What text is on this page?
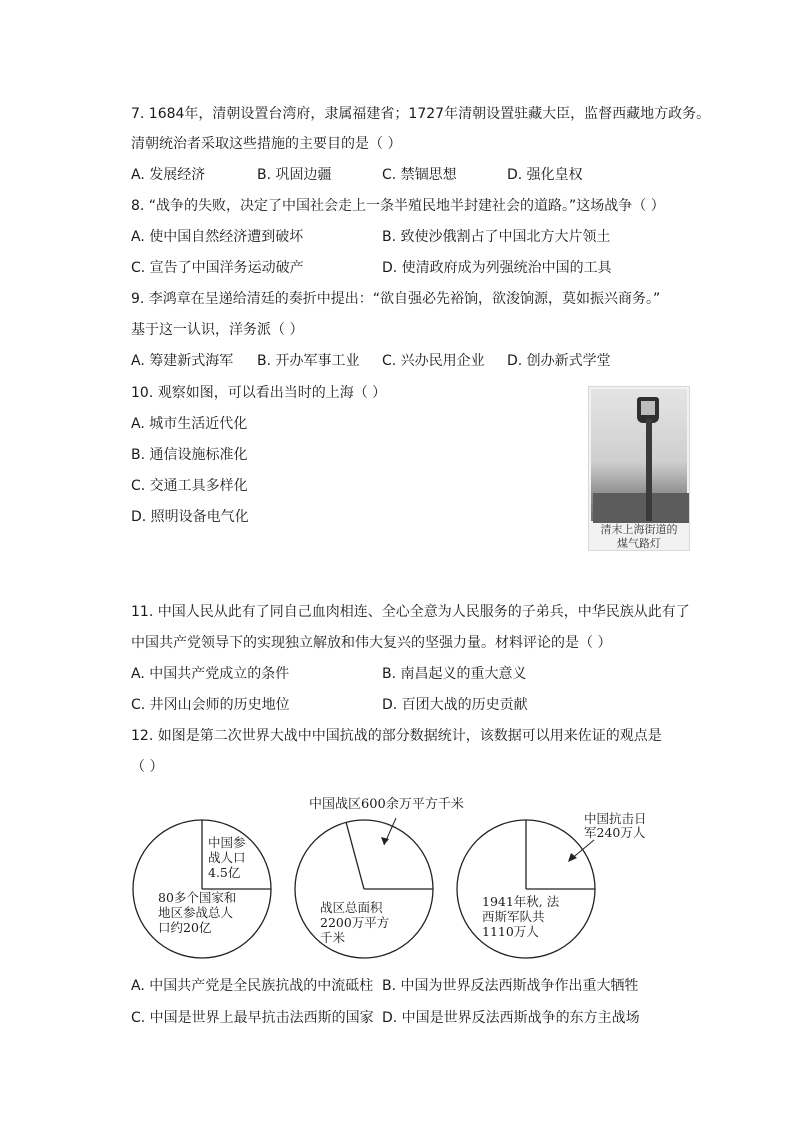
7. 1684年，清朝设置台湾府，隶属福建省；1727年清朝设置驻藏大臣，监督西藏地方政务。
清朝统治者采取这些措施的主要目的是（ ）
A. 发展经济	B. 巩固边疆	C. 禁锢思想	D. 强化皇权
8. “战争的失败，决定了中国社会走上一条半殖民地半封建社会的道路。”这场战争（ ）
A. 使中国自然经济遭到破坏	B. 致使沙俄割占了中国北方大片领土
C. 宣告了中国洋务运动破产	D. 使清政府成为列强统治中国的工具
9. 李鸿章在呈递给清廷的奏折中提出：“欲自强必先裕饷，欲浚饷源，莫如振兴商务。”
基于这一认识，洋务派（ ）
A. 筹建新式海军 B. 开办军事工业 C. 兴办民用企业 D. 创办新式学堂
10. 观察如图，可以看出当时的上海（ ）
A. 城市生活近代化
B. 通信设施标准化
C. 交通工具多样化
D. 照明设备电气化
清末上海街道的
煤气路灯
11. 中国人民从此有了同自己血肉相连、全心全意为人民服务的子弟兵，中华民族从此有了
中国共产党领导下的实现独立解放和伟大复兴的坚强力量。材料评论的是（ ）
A. 中国共产党成立的条件	B. 南昌起义的重大意义
C. 井冈山会师的历史地位	D. 百团大战的历史贡献
12. 如图是第二次世界大战中中国抗战的部分数据统计，该数据可以用来佐证的观点是
（ ）
中国参
战人口
4.5亿
80多个国家和
地区参战总人
口约20亿
中国战区600余万平方千米
战区总面积
2200万平方
千米
中国抗击日
军240万人
1941年秋, 法
西斯军队共
1110万人
A. 中国共产党是全民族抗战的中流砥柱 B. 中国为世界反法西斯战争作出重大牺牲
C. 中国是世界上最早抗击法西斯的国家 D. 中国是世界反法西斯战争的东方主战场
